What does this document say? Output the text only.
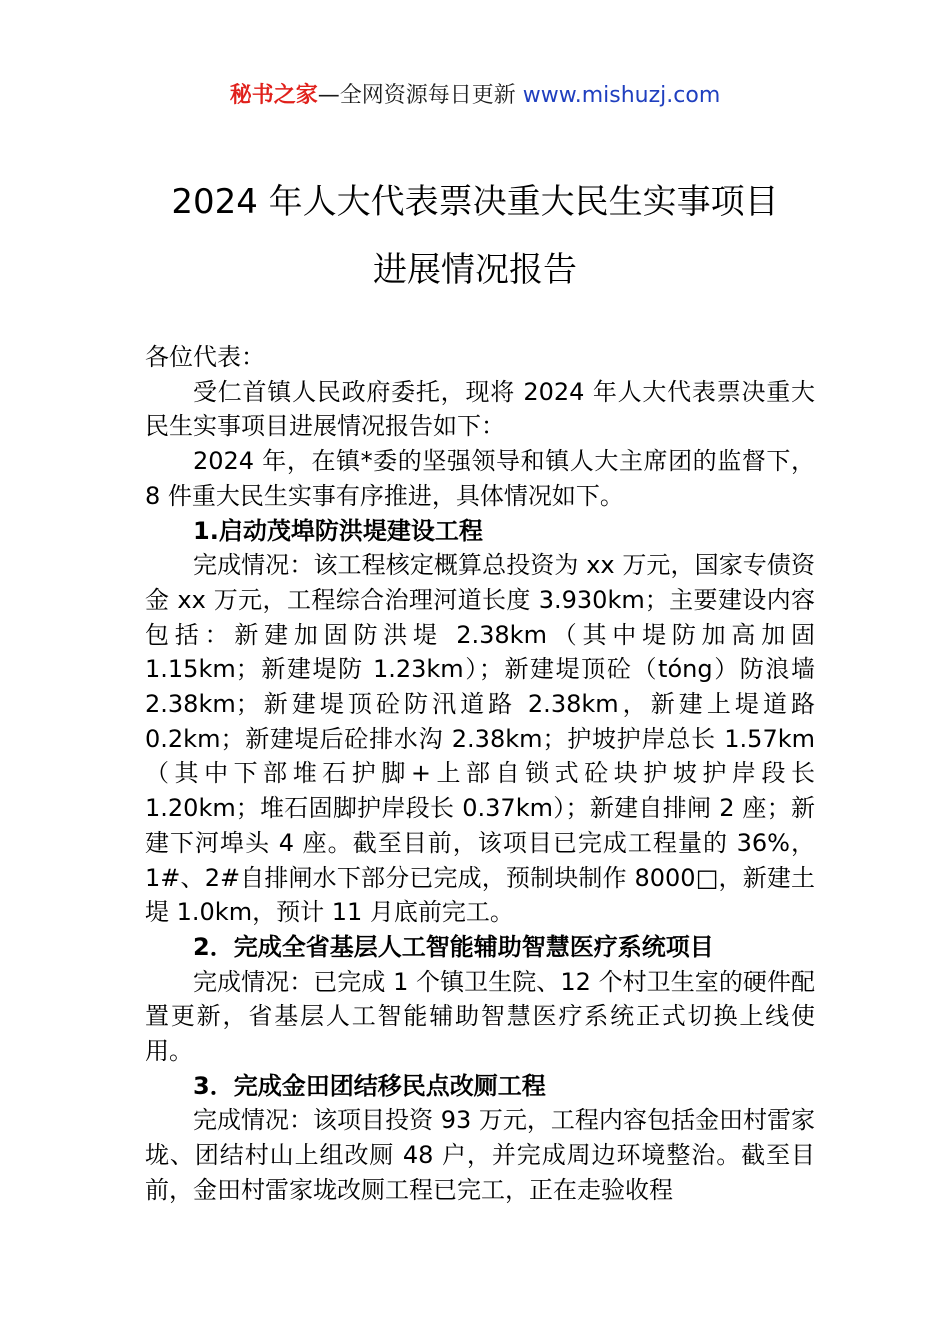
秘书之家—全网资源每日更新 www.mishuzj.com
2024 年人大代表票决重大民生实事项目
进展情况报告

各位代表：

受仁首镇人民政府委托，现将 2024 年人大代表票决重大民生实事项目进展情况报告如下：

2024 年，在镇*委的坚强领导和镇人大主席团的监督下，8 件重大民生实事有序推进，具体情况如下。

1.启动茂埠防洪堤建设工程

完成情况：该工程核定概算总投资为 xx 万元，国家专债资金 xx 万元，工程综合治理河道长度 3.930km；主要建设内容包括：新建加固防洪堤 2.38km（其中堤防加高加固 1.15km；新建堤防 1.23km）；新建堤顶砼（tóng）防浪墙 2.38km；新建堤顶砼防汛道路 2.38km，新建上堤道路 0.2km；新建堤后砼排水沟 2.38km；护坡护岸总长 1.57km（其中下部堆石护脚+上部自锁式砼块护坡护岸段长 1.20km；堆石固脚护岸段长 0.37km）；新建自排闸 2 座；新建下河埠头 4 座。截至目前，该项目已完成工程量的 36%，1#、2#自排闸水下部分已完成，预制块制作 8000□，新建土堤 1.0km，预计 11 月底前完工。

2．完成全省基层人工智能辅助智慧医疗系统项目

完成情况：已完成 1 个镇卫生院、12 个村卫生室的硬件配置更新，省基层人工智能辅助智慧医疗系统正式切换上线使用。

3．完成金田团结移民点改厕工程

完成情况：该项目投资 93 万元，工程内容包括金田村雷家垅、团结村山上组改厕 48 户，并完成周边环境整治。截至目前，金田村雷家垅改厕工程已完工，正在走验收程
